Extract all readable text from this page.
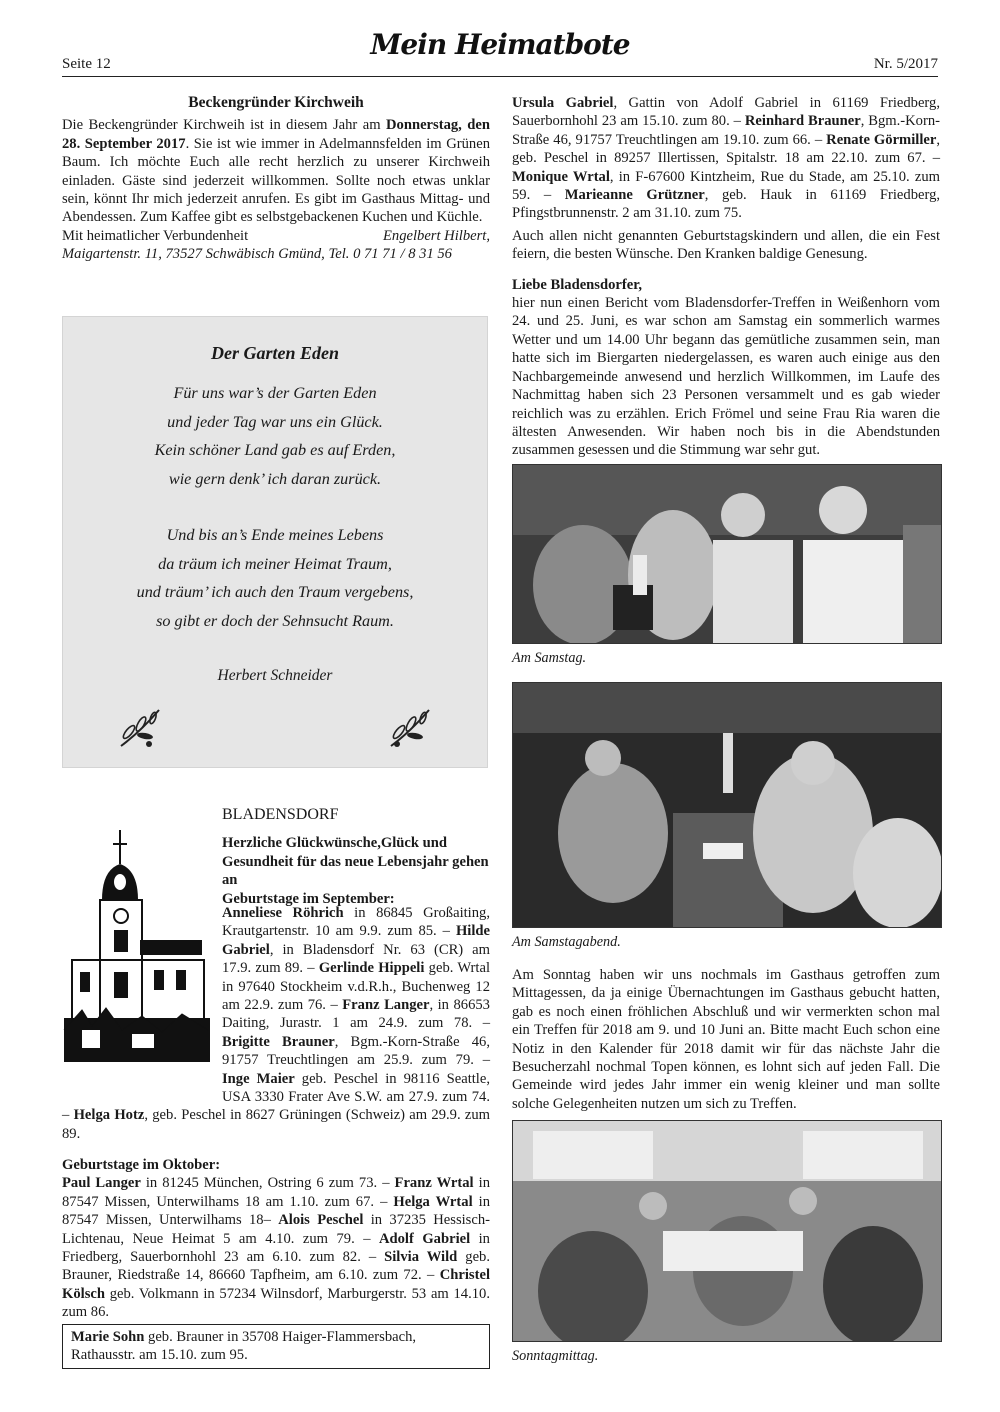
Seite 12
Mein Heimatbote
Nr. 5/2017
Beckengründer Kirchweih

Die Beckengründer Kirchweih ist in diesem Jahr am Donnerstag, den 28. September 2017. Sie ist wie immer in Adelmannsfelden im Grünen Baum. Ich möchte Euch alle recht herzlich zu unserer Kirchweih einladen. Gäste sind jederzeit willkommen. Sollte noch etwas unklar sein, könnt Ihr mich jederzeit anrufen. Es gibt im Gasthaus Mittag- und Abendessen. Zum Kaffee gibt es selbstgebackenen Kuchen und Küchle.

Mit heimatlicher Verbundenheit	Engelbert Hilbert,
Maigartenstr. 11, 73527 Schwäbisch Gmünd, Tel. 0 71 71 / 8 31 56
Der Garten Eden
Für uns war’s der Garten Eden
und jeder Tag war uns ein Glück.
Kein schöner Land gab es auf Erden,
wie gern denk’ ich daran zurück.
Und bis an’s Ende meines Lebens
da träum ich meiner Heimat Traum,
und träum’ ich auch den Traum vergebens,
so gibt er doch der Sehnsucht Raum.
Herbert Schneider
BLADENSDORF
Herzliche Glückwünsche,Glück und Gesundheit für das neue Lebensjahr gehen an
Geburtstage im September:

Anneliese Röhrich in 86845 Großaiting, Krautgartenstr. 10 am 9.9. zum 85. – Hilde Gabriel, in Bladensdorf Nr. 63 (CR) am 17.9. zum 89. – Gerlinde Hippeli geb. Wrtal in 97640 Stockheim v.d.R.h., Buchenweg 12 am 22.9. zum 76. – Franz Langer, in 86653 Daiting, Jurastr. 1 am 24.9. zum 78. – Brigitte Brauner, Bgm.-Korn-Straße 46, 91757 Treuchtlingen am 25.9. zum 79. – Inge Maier geb. Peschel in 98116 Seattle, USA 3330 Frater Ave S.W. am 27.9. zum 74. – Helga Hotz, geb. Peschel in 8627 Grüningen (Schweiz) am 29.9. zum 89.

Geburtstage im Oktober:

Paul Langer in 81245 München, Ostring 6 zum 73. – Franz Wrtal in 87547 Missen, Unterwilhams 18 am 1.10. zum 67. – Helga Wrtal in 87547 Missen, Unterwilhams 18– Alois Peschel in 37235 Hessisch-Lichtenau, Neue Heimat 5 am 4.10. zum 79. – Adolf Gabriel in Friedberg, Sauerbornhohl 23 am 6.10. zum 82. – Silvia Wild geb. Brauner, Riedstraße 14, 86660 Tapfheim, am 6.10. zum 72. – Christel Kölsch geb. Volkmann in 57234 Wilnsdorf, Marburgerstr. 53 am 14.10. zum 86.

Marie Sohn geb. Brauner in 35708 Haiger-Flammersbach, Rathausstr. am 15.10. zum 95.

Ursula Gabriel, Gattin von Adolf Gabriel in 61169 Friedberg, Sauerbornhohl 23 am 15.10. zum 80. – Reinhard Brauner, Bgm.-Korn-Straße 46, 91757 Treuchtlingen am 19.10. zum 66. – Renate Görmiller, geb. Peschel in 89257 Illertissen, Spitalstr. 18 am 22.10. zum 67. – Monique Wrtal, in F-67600 Kintzheim, Rue du Stade, am 25.10. zum 59. – Marieanne Grützner, geb. Hauk in 61169 Friedberg, Pfingstbrunnenstr. 2 am 31.10. zum 75.

Auch allen nicht genannten Geburtstagskindern und allen, die ein Fest feiern, die besten Wünsche. Den Kranken baldige Genesung.

Liebe Bladensdorfer,

hier nun einen Bericht vom Bladensdorfer-Treffen in Weißenhorn vom 24. und 25. Juni, es war schon am Samstag ein sommerlich warmes Wetter und um 14.00 Uhr begann das gemütliche zusammen sein, man hatte sich im Biergarten niedergelassen, es waren auch einige aus den Nachbargemeinde anwesend und herzlich Willkommen, im Laufe des Nachmittag haben sich 23 Personen versammelt und es gab wieder reichlich was zu erzählen. Erich Frömel und seine Frau Ria waren die ältesten Anwesenden. Wir haben noch bis in die Abendstunden zusammen gesessen und die Stimmung war sehr gut.

Am Samstag.
Am Samstagabend.

Am Sonntag haben wir uns nochmals im Gasthaus getroffen zum Mittagessen, da ja einige Übernachtungen im Gasthaus gebucht hatten, gab es noch einen fröhlichen Abschluß und wir vermerkten schon mal ein Treffen für 2018 am 9. und 10 Juni an. Bitte macht Euch schon eine Notiz in den Kalender für 2018 damit wir für das nächste Jahr die Besucherzahl nochmal Topen können, es lohnt sich auf jeden Fall. Die Gemeinde wird jedes Jahr immer ein wenig kleiner und man sollte solche Gelegenheiten nutzen um sich zu Treffen.

Sonntagmittag.
